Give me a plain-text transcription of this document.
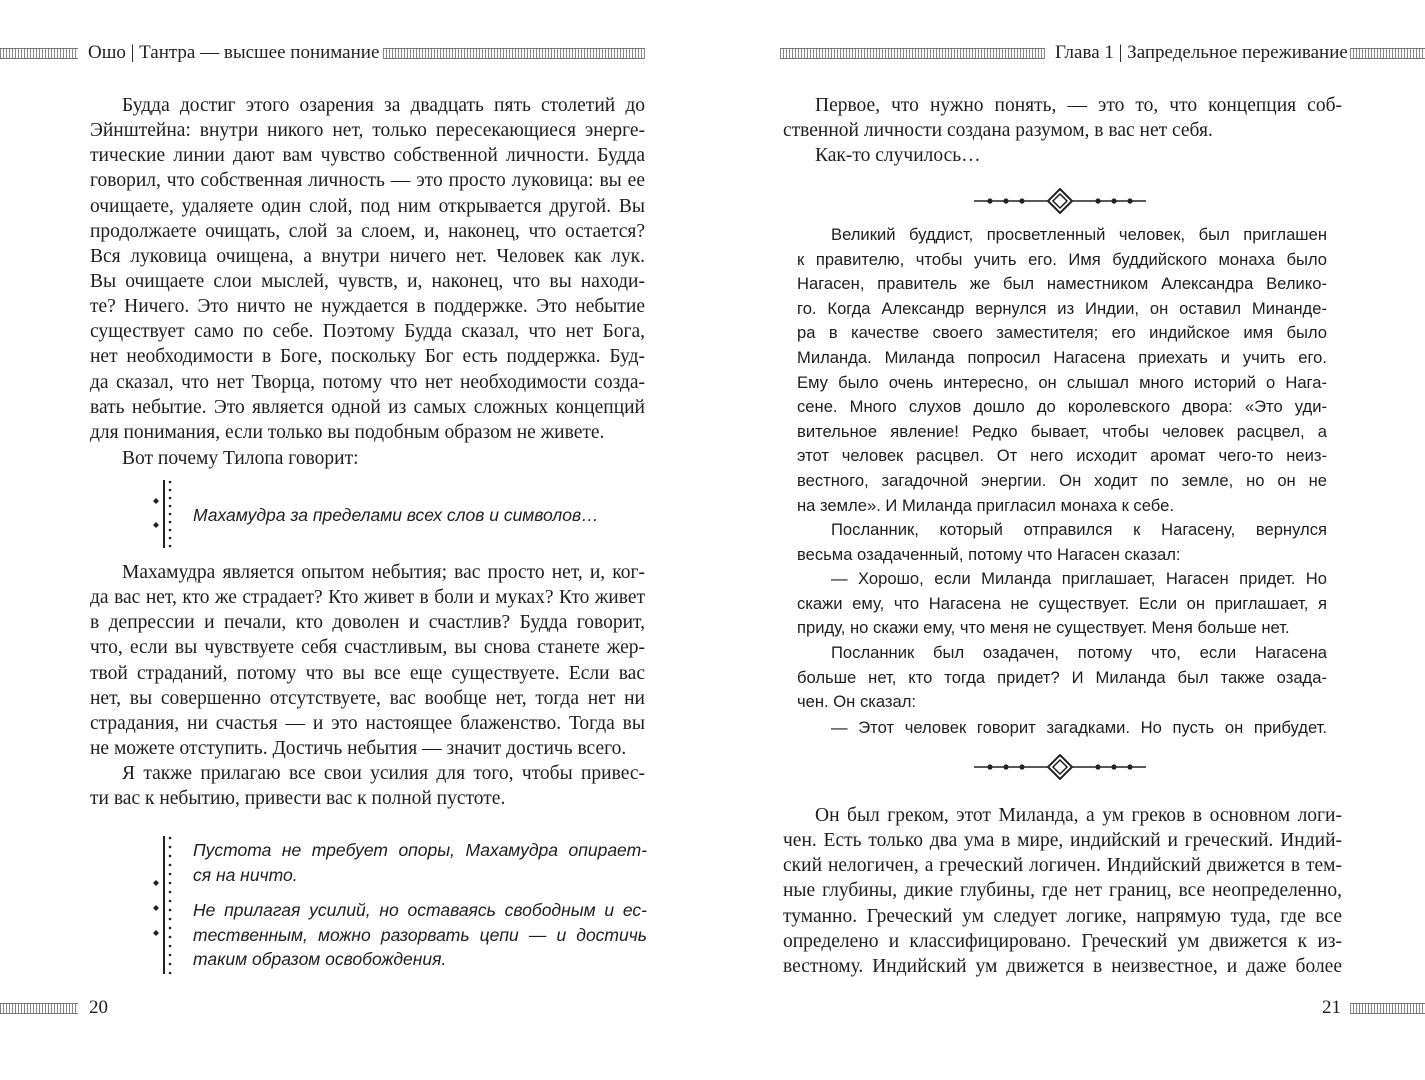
Ошо | Тантра — высшее понимание	Глава 1 | Запредельное переживание
Будда достиг этого озарения за двадцать пять столетий до
Эйнштейна: внутри никого нет, только пересекающиеся энерге-
тические линии дают вам чувство собственной личности. Будда
говорил, что собственная личность — это просто луковица: вы ее
очищаете, удаляете один слой, под ним открывается другой. Вы
продолжаете очищать, слой за слоем, и, наконец, что остается?
Вся луковица очищена, а внутри ничего нет. Человек как лук.
Вы очищаете слои мыслей, чувств, и, наконец, что вы находи-
те? Ничего. Это ничто не нуждается в поддержке. Это небытие
существует само по себе. Поэтому Будда сказал, что нет Бога,
нет необходимости в Боге, поскольку Бог есть поддержка. Буд-
да сказал, что нет Творца, потому что нет необходимости созда-
вать небытие. Это является одной из самых сложных концепций
для понимания, если только вы подобным образом не живете.
Вот почему Тилопа говорит:
Махамудра за пределами всех слов и символов…
Махамудра является опытом небытия; вас просто нет, и, ког-
да вас нет, кто же страдает? Кто живет в боли и муках? Кто живет
в депрессии и печали, кто доволен и счастлив? Будда говорит,
что, если вы чувствуете себя счастливым, вы снова станете жер-
твой страданий, потому что вы все еще существуете. Если вас
нет, вы совершенно отсутствуете, вас вообще нет, тогда нет ни
страдания, ни счастья — и это настоящее блаженство. Тогда вы
не можете отступить. Достичь небытия — значит достичь всего.
Я также прилагаю все свои усилия для того, чтобы привес-
ти вас к небытию, привести вас к полной пустоте.
Пустота не требует опоры, Махамудра опирает-
ся на ничто.
Не прилагая усилий, но оставаясь свободным и ес-
тественным, можно разорвать цепи — и достичь
таким образом освобождения.
20
Первое, что нужно понять, — это то, что концепция соб-
ственной личности создана разумом, в вас нет себя.
Как-то случилось…
Великий буддист, просветленный человек, был приглашен
к правителю, чтобы учить его. Имя буддийского монаха было
Нагасен, правитель же был наместником Александра Велико-
го. Когда Александр вернулся из Индии, он оставил Минанде-
ра в качестве своего заместителя; его индийское имя было
Миланда. Миланда попросил Нагасена приехать и учить его.
Ему было очень интересно, он слышал много историй о Нага-
сене. Много слухов дошло до королевского двора: «Это уди-
вительное явление! Редко бывает, чтобы человек расцвел, а
этот человек расцвел. От него исходит аромат чего-то неиз-
вестного, загадочной энергии. Он ходит по земле, но он не
на земле». И Миланда пригласил монаха к себе.
Посланник, который отправился к Нагасену, вернулся
весьма озадаченный, потому что Нагасен сказал:
— Хорошо, если Миланда приглашает, Нагасен придет. Но
скажи ему, что Нагасена не существует. Если он приглашает, я
приду, но скажи ему, что меня не существует. Меня больше нет.
Посланник был озадачен, потому что, если Нагасена
больше нет, кто тогда придет? И Миланда был также озада-
чен. Он сказал:
— Этот человек говорит загадками. Но пусть он прибудет.
Он был греком, этот Миланда, а ум греков в основном логи-
чен. Есть только два ума в мире, индийский и греческий. Индий-
ский нелогичен, а греческий логичен. Индийский движется в тем-
ные глубины, дикие глубины, где нет границ, все неопределенно,
туманно. Греческий ум следует логике, напрямую туда, где все
определено и классифицировано. Греческий ум движется к из-
вестному. Индийский ум движется в неизвестное, и даже более
21
